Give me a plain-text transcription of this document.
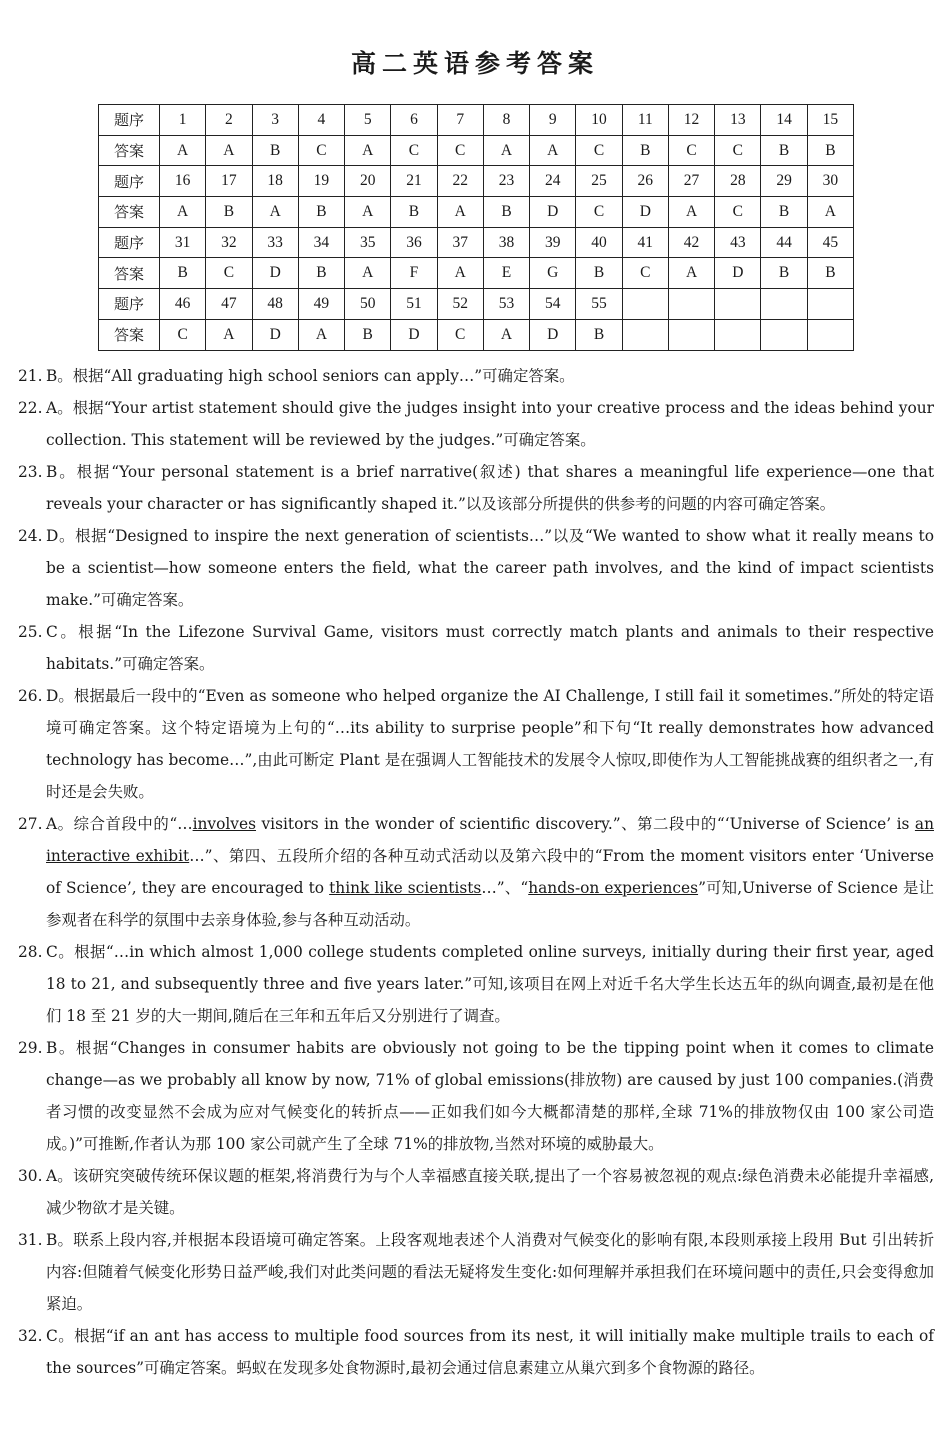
高二英语参考答案
题序	1	2	3	4	5	6	7	8	9	10	11	12	13	14	15
答案	A	A	B	C	A	C	C	A	A	C	B	C	C	B	B
题序	16	17	18	19	20	21	22	23	24	25	26	27	28	29	30
答案	A	B	A	B	A	B	A	B	D	C	D	A	C	B	A
题序	31	32	33	34	35	36	37	38	39	40	41	42	43	44	45
答案	B	C	D	B	A	F	A	E	G	B	C	A	D	B	B
题序	46	47	48	49	50	51	52	53	54	55					
答案	C	A	D	A	B	D	C	A	D	B					
21. B。根据“All graduating high school seniors can apply…”可确定答案。
22. A。根据“Your artist statement should give the judges insight into your creative process and the ideas behind your collection. This statement will be reviewed by the judges.”可确定答案。
23. B。根据“Your personal statement is a brief narrative(叙述) that shares a meaningful life experience—one that reveals your character or has significantly shaped it.”以及该部分所提供的供参考的问题的内容可确定答案。
24. D。根据“Designed to inspire the next generation of scientists…”以及“We wanted to show what it really means to be a scientist—how someone enters the field, what the career path involves, and the kind of impact scientists make.”可确定答案。
25. C。根据“In the Lifezone Survival Game, visitors must correctly match plants and animals to their respective habitats.”可确定答案。
26. D。根据最后一段中的“Even as someone who helped organize the AI Challenge, I still fail it sometimes.”所处的特定语境可确定答案。这个特定语境为上句的“…its ability to surprise people”和下句“It really demonstrates how advanced technology has become…”,由此可断定 Plant 是在强调人工智能技术的发展令人惊叹,即使作为人工智能挑战赛的组织者之一,有时还是会失败。
27. A。综合首段中的“…involves visitors in the wonder of scientific discovery.”、第二段中的“‘Universe of Science’ is an interactive exhibit…”、第四、五段所介绍的各种互动式活动以及第六段中的“From the moment visitors enter ‘Universe of Science’, they are encouraged to think like scientists…”、“hands-on experiences”可知,Universe of Science 是让参观者在科学的氛围中去亲身体验,参与各种互动活动。
28. C。根据“…in which almost 1,000 college students completed online surveys, initially during their first year, aged 18 to 21, and subsequently three and five years later.”可知,该项目在网上对近千名大学生长达五年的纵向调查,最初是在他们 18 至 21 岁的大一期间,随后在三年和五年后又分别进行了调查。
29. B。根据“Changes in consumer habits are obviously not going to be the tipping point when it comes to climate change—as we probably all know by now, 71% of global emissions(排放物) are caused by just 100 companies.(消费者习惯的改变显然不会成为应对气候变化的转折点——正如我们如今大概都清楚的那样,全球 71%的排放物仅由 100 家公司造成。)”可推断,作者认为那 100 家公司就产生了全球 71%的排放物,当然对环境的威胁最大。
30. A。该研究突破传统环保议题的框架,将消费行为与个人幸福感直接关联,提出了一个容易被忽视的观点:绿色消费未必能提升幸福感,减少物欲才是关键。
31. B。联系上段内容,并根据本段语境可确定答案。上段客观地表述个人消费对气候变化的影响有限,本段则承接上段用 But 引出转折内容:但随着气候变化形势日益严峻,我们对此类问题的看法无疑将发生变化:如何理解并承担我们在环境问题中的责任,只会变得愈加紧迫。
32. C。根据“if an ant has access to multiple food sources from its nest, it will initially make multiple trails to each of the sources”可确定答案。蚂蚁在发现多处食物源时,最初会通过信息素建立从巢穴到多个食物源的路径。
